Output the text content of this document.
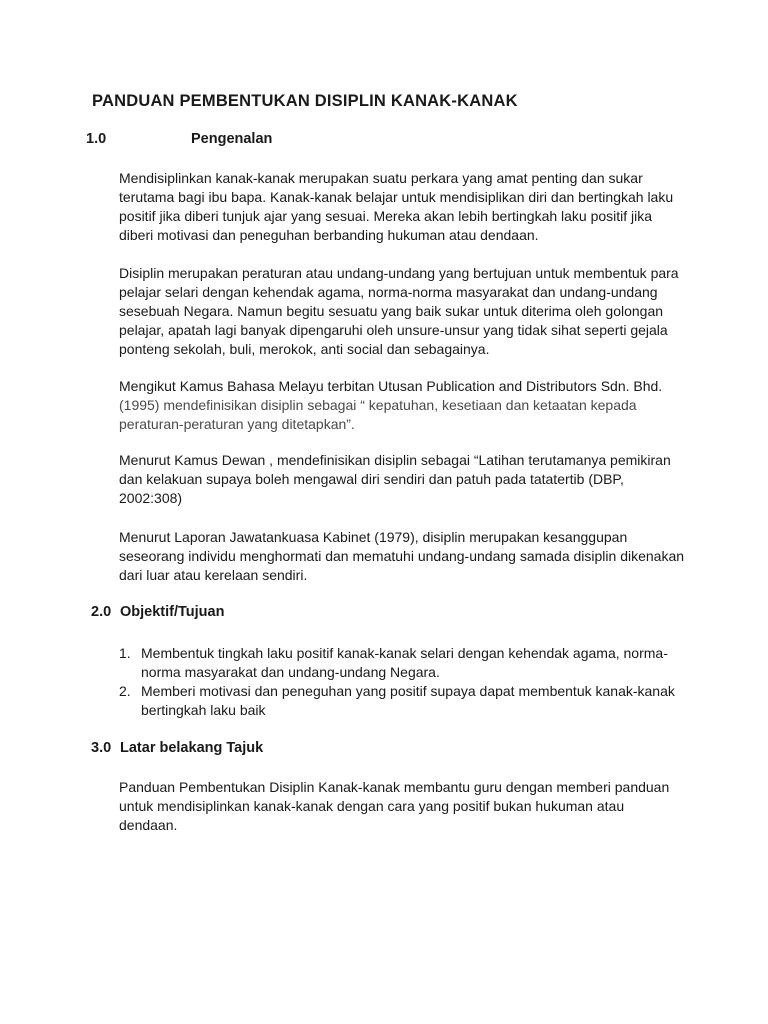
PANDUAN PEMBENTUKAN DISIPLIN KANAK-KANAK
1.0	Pengenalan
Mendisiplinkan kanak-kanak merupakan suatu perkara yang amat penting dan sukar
terutama bagi ibu bapa. Kanak-kanak belajar untuk mendisiplikan diri dan bertingkah laku
positif jika diberi tunjuk ajar yang sesuai. Mereka akan lebih bertingkah laku positif jika
diberi motivasi dan peneguhan berbanding hukuman atau dendaan.
Disiplin merupakan peraturan atau undang-undang yang bertujuan untuk membentuk para
pelajar selari dengan kehendak agama, norma-norma masyarakat dan undang-undang
sesebuah Negara. Namun begitu sesuatu yang baik sukar untuk diterima oleh golongan
pelajar, apatah lagi banyak dipengaruhi oleh unsure-unsur yang tidak sihat seperti gejala
ponteng sekolah, buli, merokok, anti social dan sebagainya.
Mengikut Kamus Bahasa Melayu terbitan Utusan Publication and Distributors Sdn. Bhd.
(1995) mendefinisikan disiplin sebagai “ kepatuhan, kesetiaan dan ketaatan kepada
peraturan-peraturan yang ditetapkan”.
Menurut Kamus Dewan , mendefinisikan disiplin sebagai “Latihan terutamanya pemikiran
dan kelakuan supaya boleh mengawal diri sendiri dan patuh pada tatatertib (DBP,
2002:308)
Menurut Laporan Jawatankuasa Kabinet (1979), disiplin merupakan kesanggupan
seseorang individu menghormati dan mematuhi undang-undang samada disiplin dikenakan
dari luar atau kerelaan sendiri.
2.0 Objektif/Tujuan
1. Membentuk tingkah laku positif kanak-kanak selari dengan kehendak agama, norma-
norma masyarakat dan undang-undang Negara.
2. Memberi motivasi dan peneguhan yang positif supaya dapat membentuk kanak-kanak
bertingkah laku baik
3.0 Latar belakang Tajuk
Panduan Pembentukan Disiplin Kanak-kanak membantu guru dengan memberi panduan
untuk mendisiplinkan kanak-kanak dengan cara yang positif bukan hukuman atau
dendaan.
